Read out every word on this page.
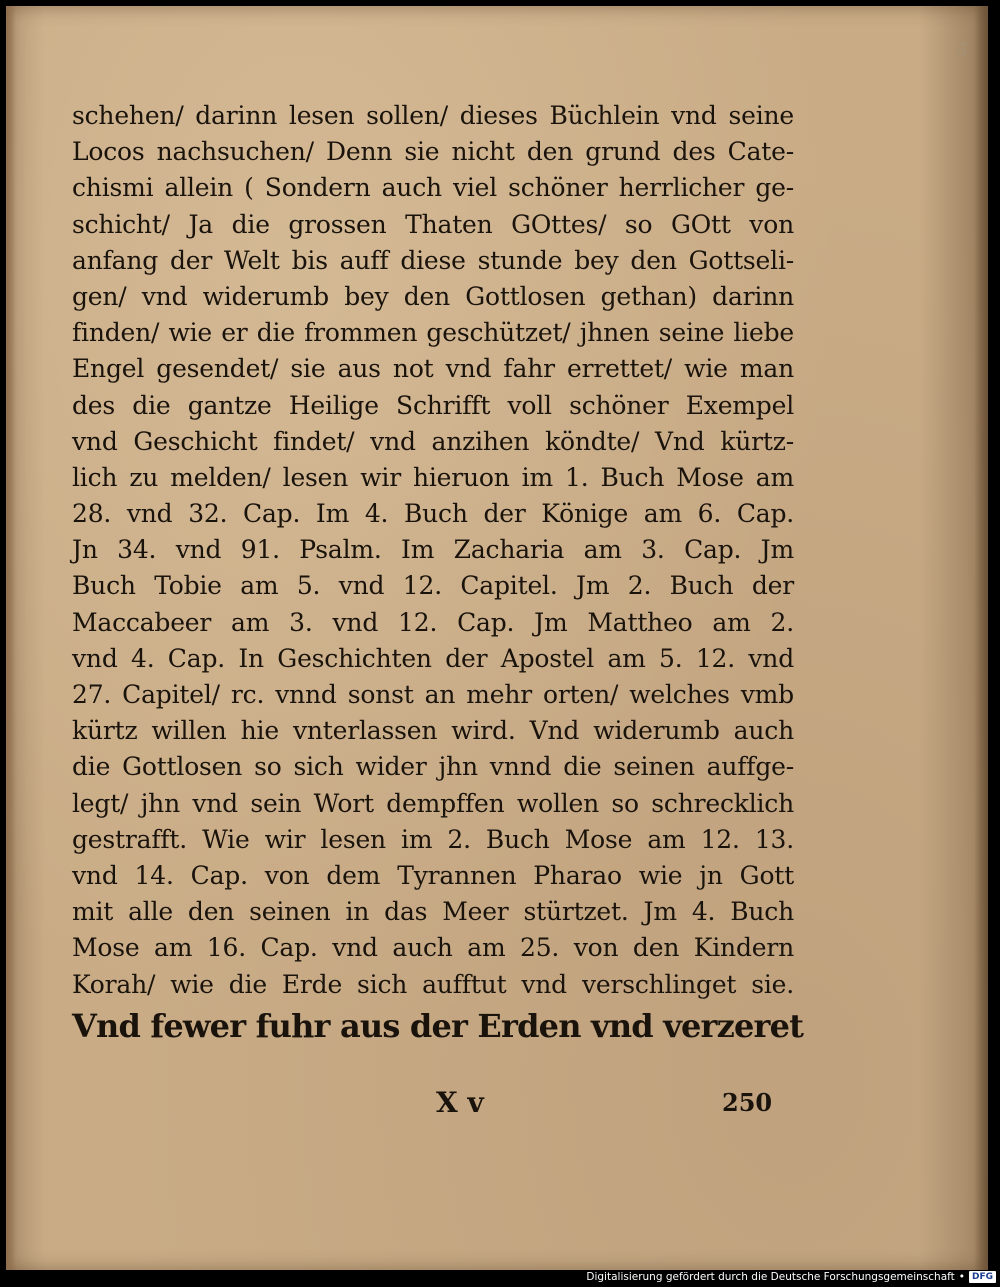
5
schehen/ darinn lesen sollen/ dieses Büchlein vnd seine
Locos nachsuchen/ Denn sie nicht den grund des Cate-
chismi allein ( Sondern auch viel schöner herrlicher ge-
schicht/ Ja die grossen Thaten GOttes/ so GOtt von
anfang der Welt bis auff diese stunde bey den Gottseli-
gen/ vnd widerumb bey den Gottlosen gethan) darinn
finden/ wie er die frommen geschützet/ jhnen seine liebe
Engel gesendet/ sie aus not vnd fahr errettet/ wie man
des die gantze Heilige Schrifft voll schöner Exempel
vnd Geschicht findet/ vnd anzihen köndte/ Vnd kürtz-
lich zu melden/ lesen wir hieruon im 1. Buch Mose am
28. vnd 32. Cap. Im 4. Buch der Könige am 6. Cap.
Jn 34. vnd 91. Psalm. Im Zacharia am 3. Cap. Jm
Buch Tobie am 5. vnd 12. Capitel. Jm 2. Buch der
Maccabeer am 3. vnd 12. Cap. Jm Mattheo am 2.
vnd 4. Cap. In Geschichten der Apostel am 5. 12. vnd
27. Capitel/ rc. vnnd sonst an mehr orten/ welches vmb
kürtz willen hie vnterlassen wird. Vnd widerumb auch
die Gottlosen so sich wider jhn vnnd die seinen auffge-
legt/ jhn vnd sein Wort dempffen wollen so schrecklich
gestrafft. Wie wir lesen im 2. Buch Mose am 12. 13.
vnd 14. Cap. von dem Tyrannen Pharao wie jn Gott
mit alle den seinen in das Meer stürtzet. Jm 4. Buch
Mose am 16. Cap. vnd auch am 25. von den Kindern
Korah/ wie die Erde sich aufftut vnd verschlinget sie.
Vnd fewer fuhr aus der Erden vnd verzeret
X v	250
Digitalisierung gefördert durch die Deutsche Forschungsgemeinschaft • DFG
